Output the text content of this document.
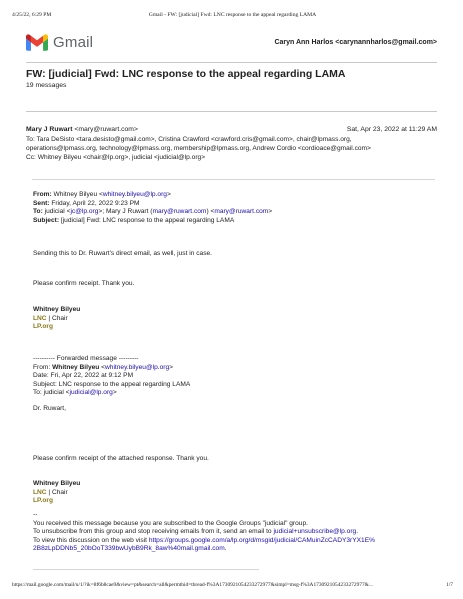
4/25/22, 6:29 PM	Gmail - FW: [judicial] Fwd: LNC response to the appeal regarding LAMA
Gmail	Caryn Ann Harlos <carynannharlos@gmail.com>
FW: [judicial] Fwd: LNC response to the appeal regarding LAMA
19 messages
Mary J Ruwart <mary@ruwart.com>	Sat, Apr 23, 2022 at 11:29 AM
To: Tara DeSisto <tara.desisto@gmail.com>, Cristina Crawford <crawford.cris@gmail.com>, chair@lpmass.org,
operations@lpmass.org, technology@lpmass.org, membership@lpmass.org, Andrew Cordio <cordioace@gmail.com>
Cc: Whitney Bilyeu <chair@lp.org>, judicial <judicial@lp.org>
From: Whitney Bilyeu <whitney.bilyeu@lp.org>
Sent: Friday, April 22, 2022 9:23 PM
To: judicial <jc@lp.org>; Mary J Ruwart (mary@ruwart.com) <mary@ruwart.com>
Subject: [judicial] Fwd: LNC response to the appeal regarding LAMA
Sending this to Dr. Ruwart's direct email, as well, just in case.
Please confirm receipt. Thank you.
Whitney Bilyeu
LNC | Chair
LP.org
---------- Forwarded message ---------
From: Whitney Bilyeu <whitney.bilyeu@lp.org>
Date: Fri, Apr 22, 2022 at 9:12 PM
Subject: LNC response to the appeal regarding LAMA
To: judicial <judicial@lp.org>
Dr. Ruwart,
Please confirm receipt of the attached response. Thank you.
Whitney Bilyeu
LNC | Chair
LP.org
--
You received this message because you are subscribed to the Google Groups "judicial" group.
To unsubscribe from this group and stop receiving emails from it, send an email to judicial+unsubscribe@lp.org.
To view this discussion on the web visit https://groups.google.com/a/lp.org/d/msgid/judicial/CAMuinZcCADY3rYX1E%
2B8zLpDDNb5_20bOoT339bwUybB9Rk_8aw%40mail.gmail.com.
https://mail.google.com/mail/u/1/?ik=8f6b8cae9&view=pt&search=all&permthid=thread-f%3A1730921054233272977&simpl=msg-f%3A1730921054233272977&...	1/7
